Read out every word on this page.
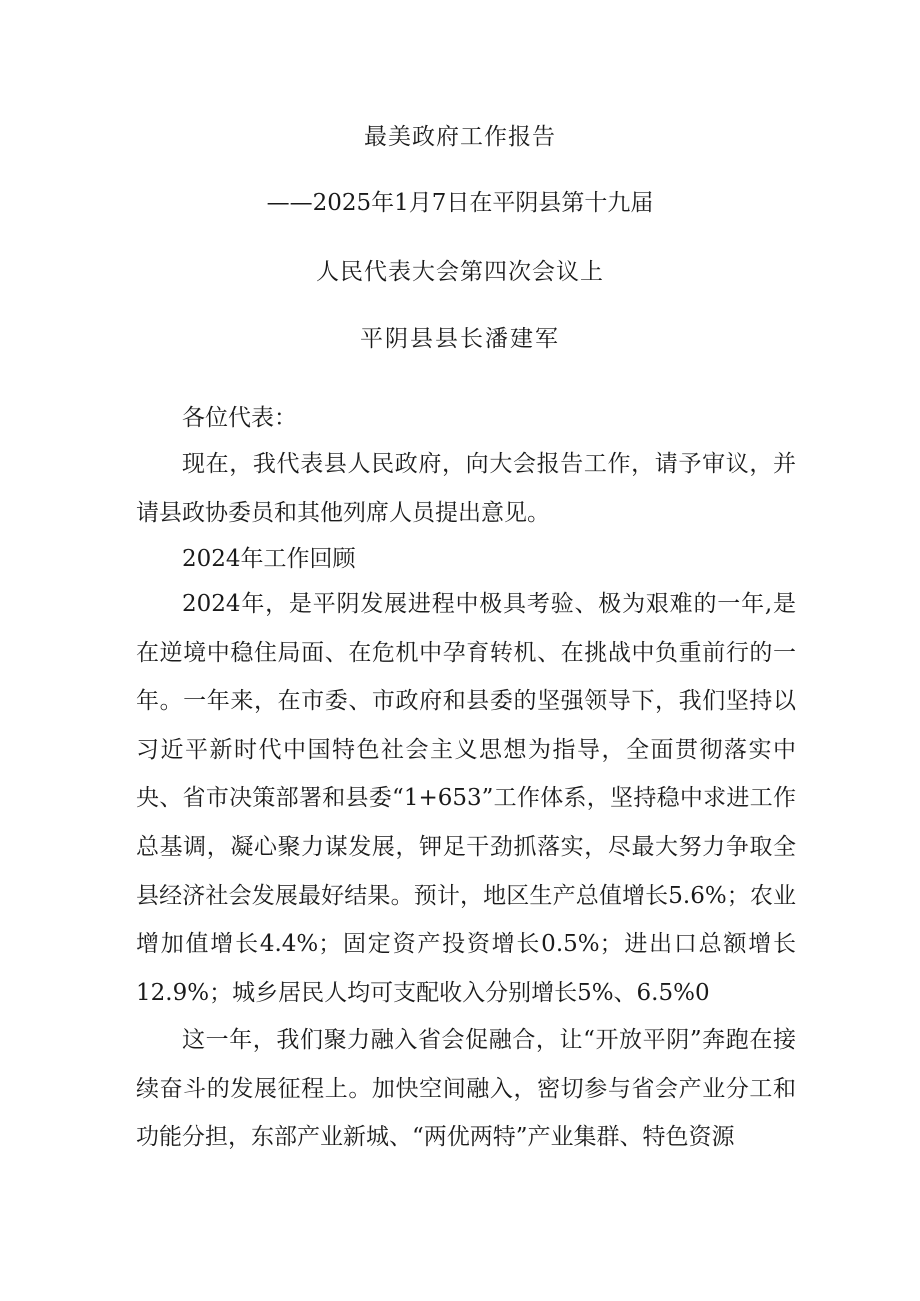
最美政府工作报告
——2025年1月7日在平阴县第十九届
人民代表大会第四次会议上
平阴县县长潘建军
各位代表：

现在，我代表县人民政府，向大会报告工作，请予审议，并请县政协委员和其他列席人员提出意见。

2024年工作回顾

2024年，是平阴发展进程中极具考验、极为艰难的一年,是在逆境中稳住局面、在危机中孕育转机、在挑战中负重前行的一年。一年来，在市委、市政府和县委的坚强领导下，我们坚持以习近平新时代中国特色社会主义思想为指导，全面贯彻落实中央、省市决策部署和县委“1+653”工作体系，坚持稳中求进工作总基调，凝心聚力谋发展，钾足干劲抓落实，尽最大努力争取全县经济社会发展最好结果。预计，地区生产总值增长5.6%；农业增加值增长4.4%；固定资产投资增长0.5%；进出口总额增长12.9%；城乡居民人均可支配收入分别增长5%、6.5%0

这一年，我们聚力融入省会促融合，让“开放平阴”奔跑在接续奋斗的发展征程上。加快空间融入，密切参与省会产业分工和功能分担，东部产业新城、“两优两特”产业集群、特色资源
